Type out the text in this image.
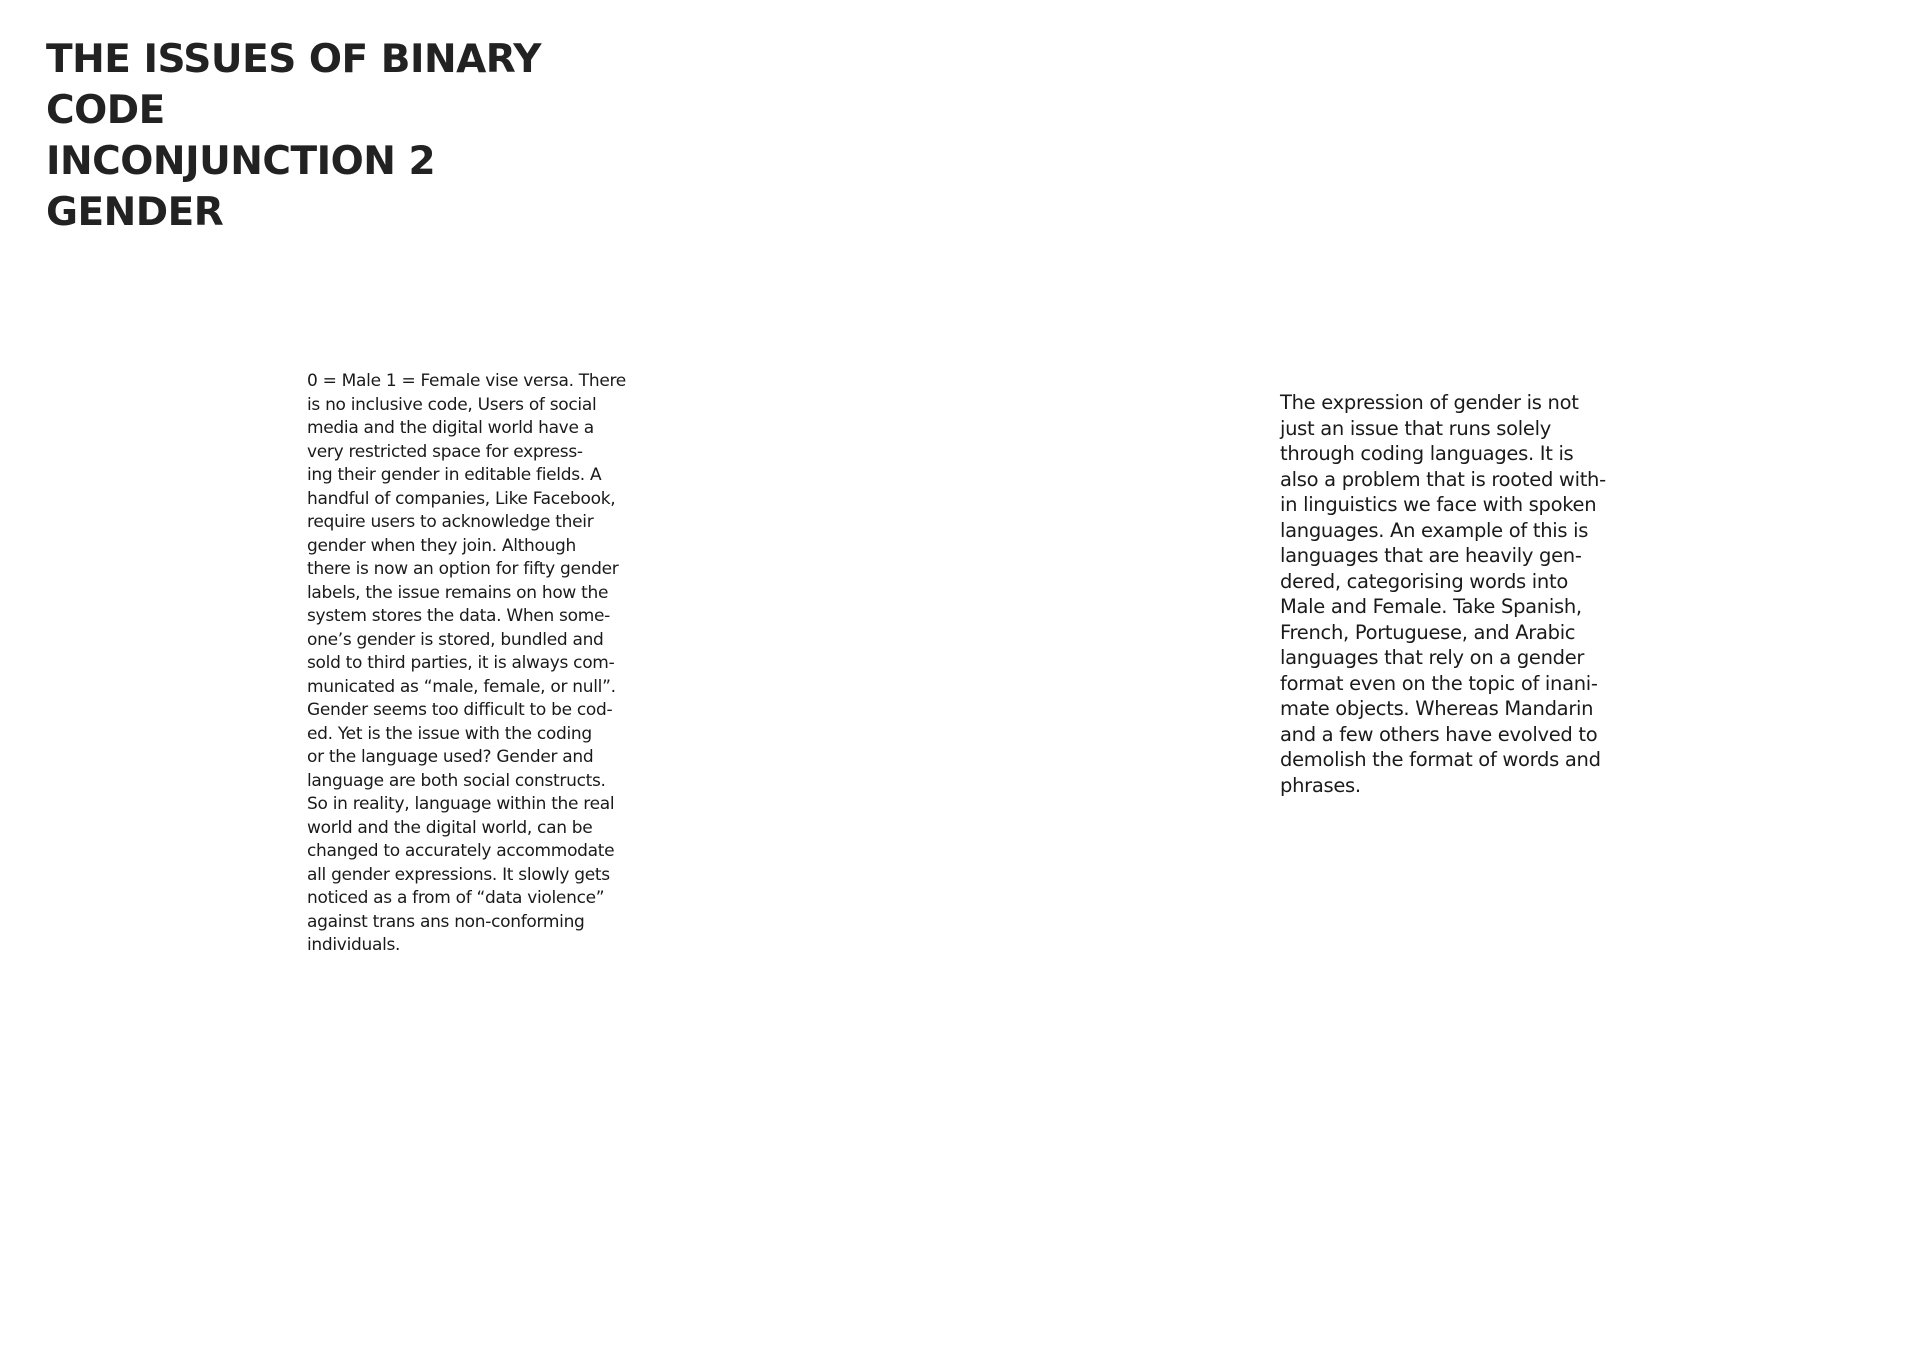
THE ISSUES OF BINARY
CODE
INCONJUNCTION 2
GENDER
0 = Male 1 = Female vise versa. There
is no inclusive code, Users of social
media and the digital world have a
very restricted space for express-
ing their gender in editable fields. A
handful of companies, Like Facebook,
require users to acknowledge their
gender when they join. Although
there is now an option for fifty gender
labels, the issue remains on how the
system stores the data. When some-
one’s gender is stored, bundled and
sold to third parties, it is always com-
municated as “male, female, or null”.
Gender seems too difficult to be cod-
ed. Yet is the issue with the coding
or the language used? Gender and
language are both social constructs.
So in reality, language within the real
world and the digital world, can be
changed to accurately accommodate
all gender expressions. It slowly gets
noticed as a from of “data violence”
against trans ans non-conforming
individuals.
The expression of gender is not
just an issue that runs solely
through coding languages. It is
also a problem that is rooted with-
in linguistics we face with spoken
languages. An example of this is
languages that are heavily gen-
dered, categorising words into
Male and Female. Take Spanish,
French, Portuguese, and Arabic
languages that rely on a gender
format even on the topic of inani-
mate objects. Whereas Mandarin
and a few others have evolved to
demolish the format of words and
phrases.
